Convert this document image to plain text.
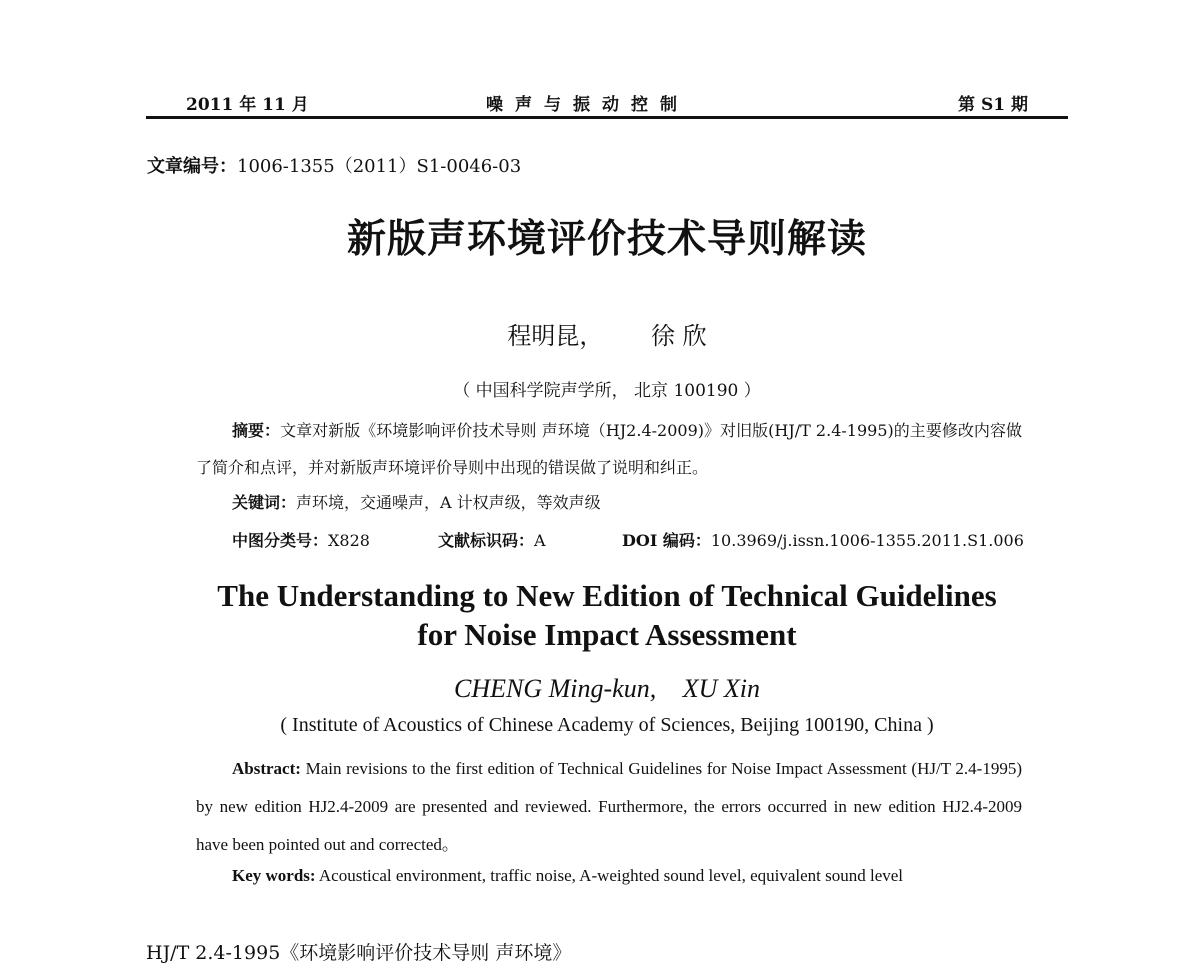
2011 年 11 月	噪声与振动控制	第 S1 期
文章编号：1006-1355（2011）S1-0046-03
新版声环境评价技术导则解读
程明昆， 徐 欣
（ 中国科学院声学所， 北京 100190 ）
摘要：文章对新版《环境影响评价技术导则 声环境（HJ2.4-2009)》对旧版(HJ/T 2.4-1995)的主要修改内容做了简介和点评，并对新版声环境评价导则中出现的错误做了说明和纠正。
关键词：声环境，交通噪声，A 计权声级，等效声级
中图分类号：X828	文献标识码：A	DOI 编码：10.3969/j.issn.1006-1355.2011.S1.006
The Understanding to New Edition of Technical Guidelines
for Noise Impact Assessment
CHENG Ming-kun, XU Xin
( Institute of Acoustics of Chinese Academy of Sciences, Beijing 100190, China )
Abstract: Main revisions to the first edition of Technical Guidelines for Noise Impact Assessment (HJ/T 2.4-1995) by new edition HJ2.4-2009 are presented and reviewed. Furthermore, the errors occurred in new edition HJ2.4-2009 have been pointed out and corrected。
Key words: Acoustical environment, traffic noise, A-weighted sound level, equivalent sound level
HJ/T 2.4-1995《环境影响评价技术导则 声环境》
